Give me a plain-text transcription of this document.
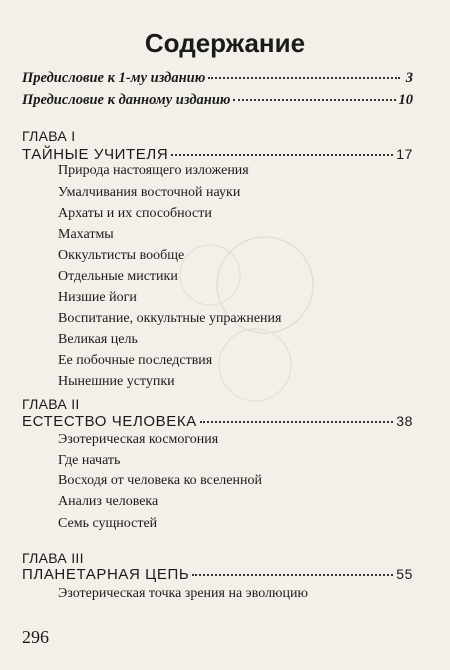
Содержание
Предисловие к 1-му изданию	3
Предисловие к данному изданию	10
ГЛАВА I
ТАЙНЫЕ УЧИТЕЛЯ	17
Природа настоящего изложения
Умалчивания восточной науки
Архаты и их способности
Махатмы
Оккультисты вообще
Отдельные мистики
Низшие йоги
Воспитание, оккультные упражнения
Великая цель
Ее побочные последствия
Нынешние уступки
ГЛАВА II
ЕСТЕСТВО ЧЕЛОВЕКА	38
Эзотерическая космогония
Где начать
Восходя от человека ко вселенной
Анализ человека
Семь сущностей
ГЛАВА III
ПЛАНЕТАРНАЯ ЦЕПЬ	55
Эзотерическая точка зрения на эволюцию
296
